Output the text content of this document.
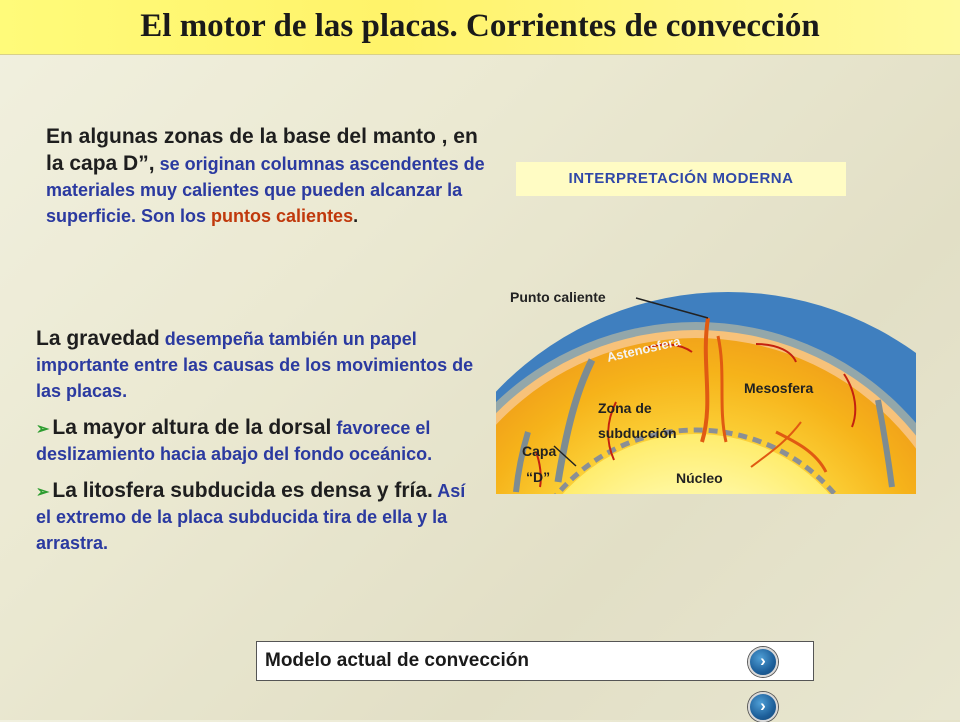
El motor de las placas. Corrientes de convección
En algunas zonas de la base del manto , en la capa D”, se originan columnas ascendentes de materiales muy calientes que pueden alcanzar la superficie. Son los puntos calientes.
La gravedad desempeña también un papel importante entre las causas de los movimientos de las placas.
➢ La mayor altura de la dorsal favorece el deslizamiento hacia abajo del fondo oceánico.
➢ La litosfera subducida es densa y fría. Así el extremo de la placa subducida tira de ella y la arrastra.
INTERPRETACIÓN MODERNA
Punto caliente
Astenosfera
Mesosfera
Zona de
subducción
Capa
“D”	Núcleo
Modelo actual de convección	›
›
